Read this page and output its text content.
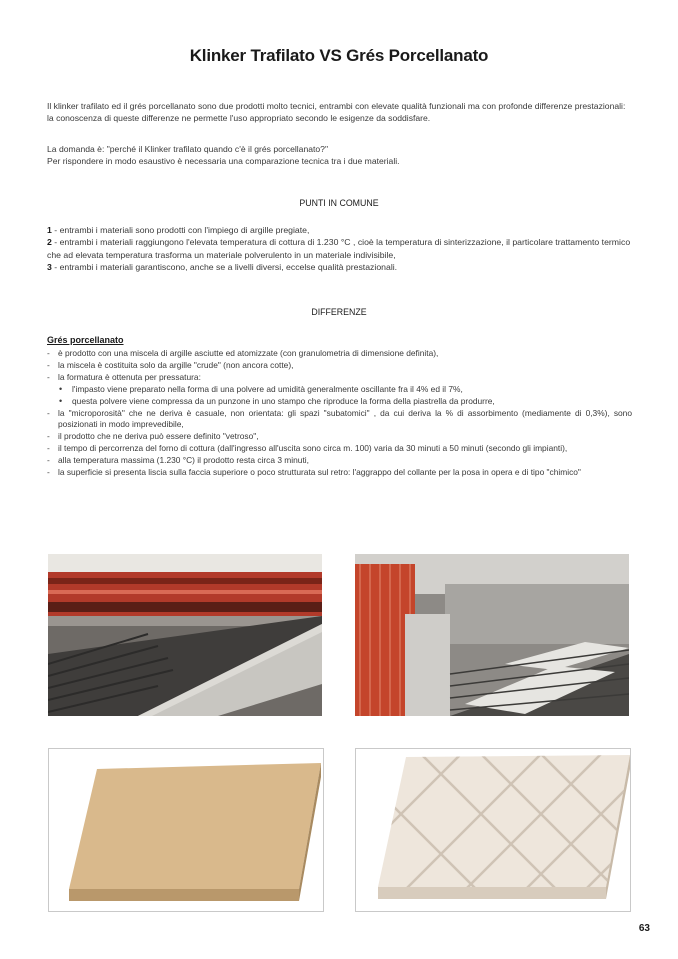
Klinker Trafilato VS Grés Porcellanato
Il klinker trafilato ed il grés porcellanato sono due prodotti molto tecnici, entrambi con elevate qualità funzionali ma con profonde differenze prestazionali: la conoscenza di queste differenze ne permette l'uso appropriato secondo le esigenze da soddisfare.
La domanda è: "perché il Klinker trafilato quando c'è il grés porcellanato?"
Per rispondere in modo esaustivo è necessaria una comparazione tecnica tra i due materiali.
PUNTI IN COMUNE
1 - entrambi i materiali sono prodotti con l'impiego di argille pregiate,
2 - entrambi i materiali raggiungono l'elevata temperatura di cottura di 1.230 °C , cioè la temperatura di sinterizzazione, il particolare trattamento termico che ad elevata temperatura trasforma un materiale polverulento in un materiale indivisibile,
3 - entrambi i materiali garantiscono, anche se a livelli diversi, eccelse qualità prestazionali.
DIFFERENZE
Grés porcellanato
- è prodotto con una miscela di argille asciutte ed atomizzate (con granulometria di dimensione definita),
- la miscela è costituita solo da argille "crude" (non ancora cotte),
- la formatura è ottenuta per pressatura:
• l'impasto viene preparato nella forma di una polvere ad umidità generalmente oscillante fra il 4% ed il 7%,
• questa polvere viene compressa da un punzone in uno stampo che riproduce la forma della piastrella da produrre,
- la "microporosità" che ne deriva è casuale, non orientata: gli spazi "subatomici" , da cui deriva la % di assorbimento (mediamente di 0,3%), sono posizionati in modo imprevedibile,
- il prodotto che ne deriva può essere definito "vetroso",
- il tempo di percorrenza del forno di cottura (dall'ingresso all'uscita sono circa m. 100) varia da 30 minuti a 50 minuti (secondo gli impianti),
- alla temperatura massima (1.230 °C) il prodotto resta circa 3 minuti,
- la superficie si presenta liscia sulla faccia superiore o poco strutturata sul retro: l'aggrappo del collante per la posa in opera e di tipo "chimico"
63
